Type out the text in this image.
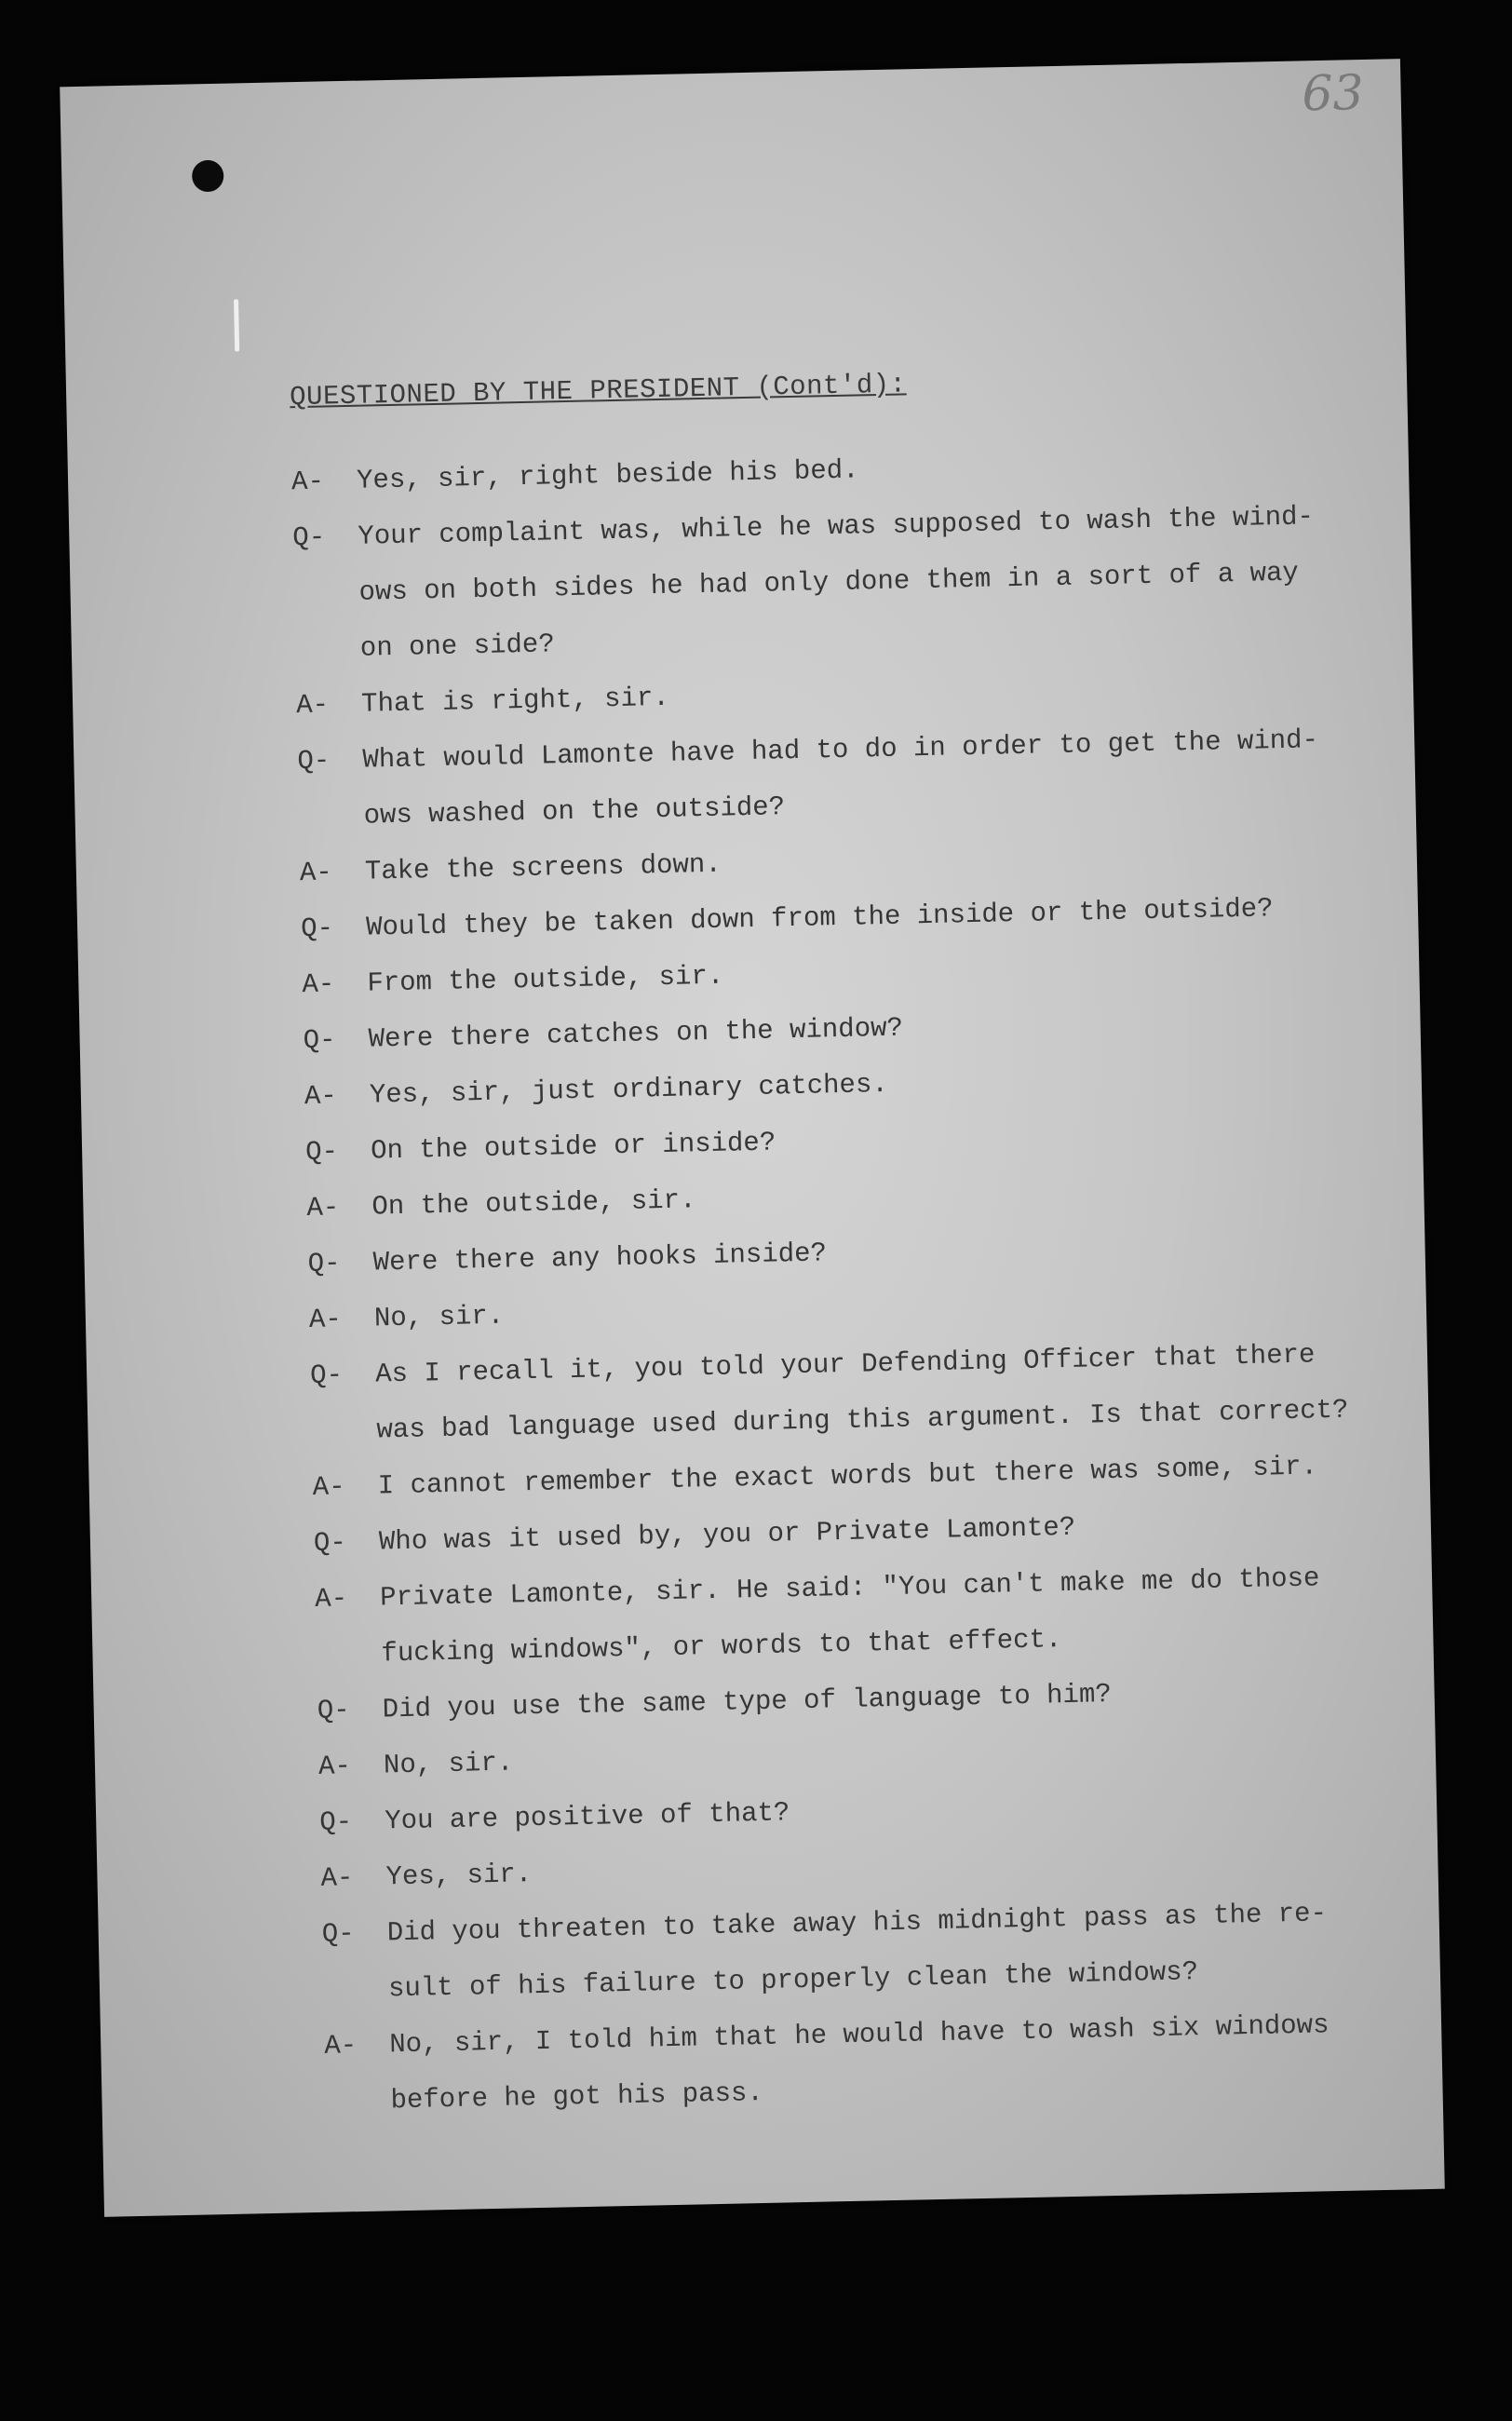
63
QUESTIONED BY THE PRESIDENT (Cont'd):
A-	Yes, sir, right beside his bed.
Q-	Your complaint was, while he was supposed to wash the wind-
ows on both sides he had only done them in a sort of a way
on one side?
A-	That is right, sir.
Q-	What would Lamonte have had to do in order to get the wind-
ows washed on the outside?
A-	Take the screens down.
Q-	Would they be taken down from the inside or the outside?
A-	From the outside, sir.
Q-	Were there catches on the window?
A-	Yes, sir, just ordinary catches.
Q-	On the outside or inside?
A-	On the outside, sir.
Q-	Were there any hooks inside?
A-	No, sir.
Q-	As I recall it, you told your Defending Officer that there
was bad language used during this argument. Is that correct?
A-	I cannot remember the exact words but there was some, sir.
Q-	Who was it used by, you or Private Lamonte?
A-	Private Lamonte, sir. He said: "You can't make me do those
fucking windows", or words to that effect.
Q-	Did you use the same type of language to him?
A-	No, sir.
Q-	You are positive of that?
A-	Yes, sir.
Q-	Did you threaten to take away his midnight pass as the re-
sult of his failure to properly clean the windows?
A-	No, sir, I told him that he would have to wash six windows
before he got his pass.
